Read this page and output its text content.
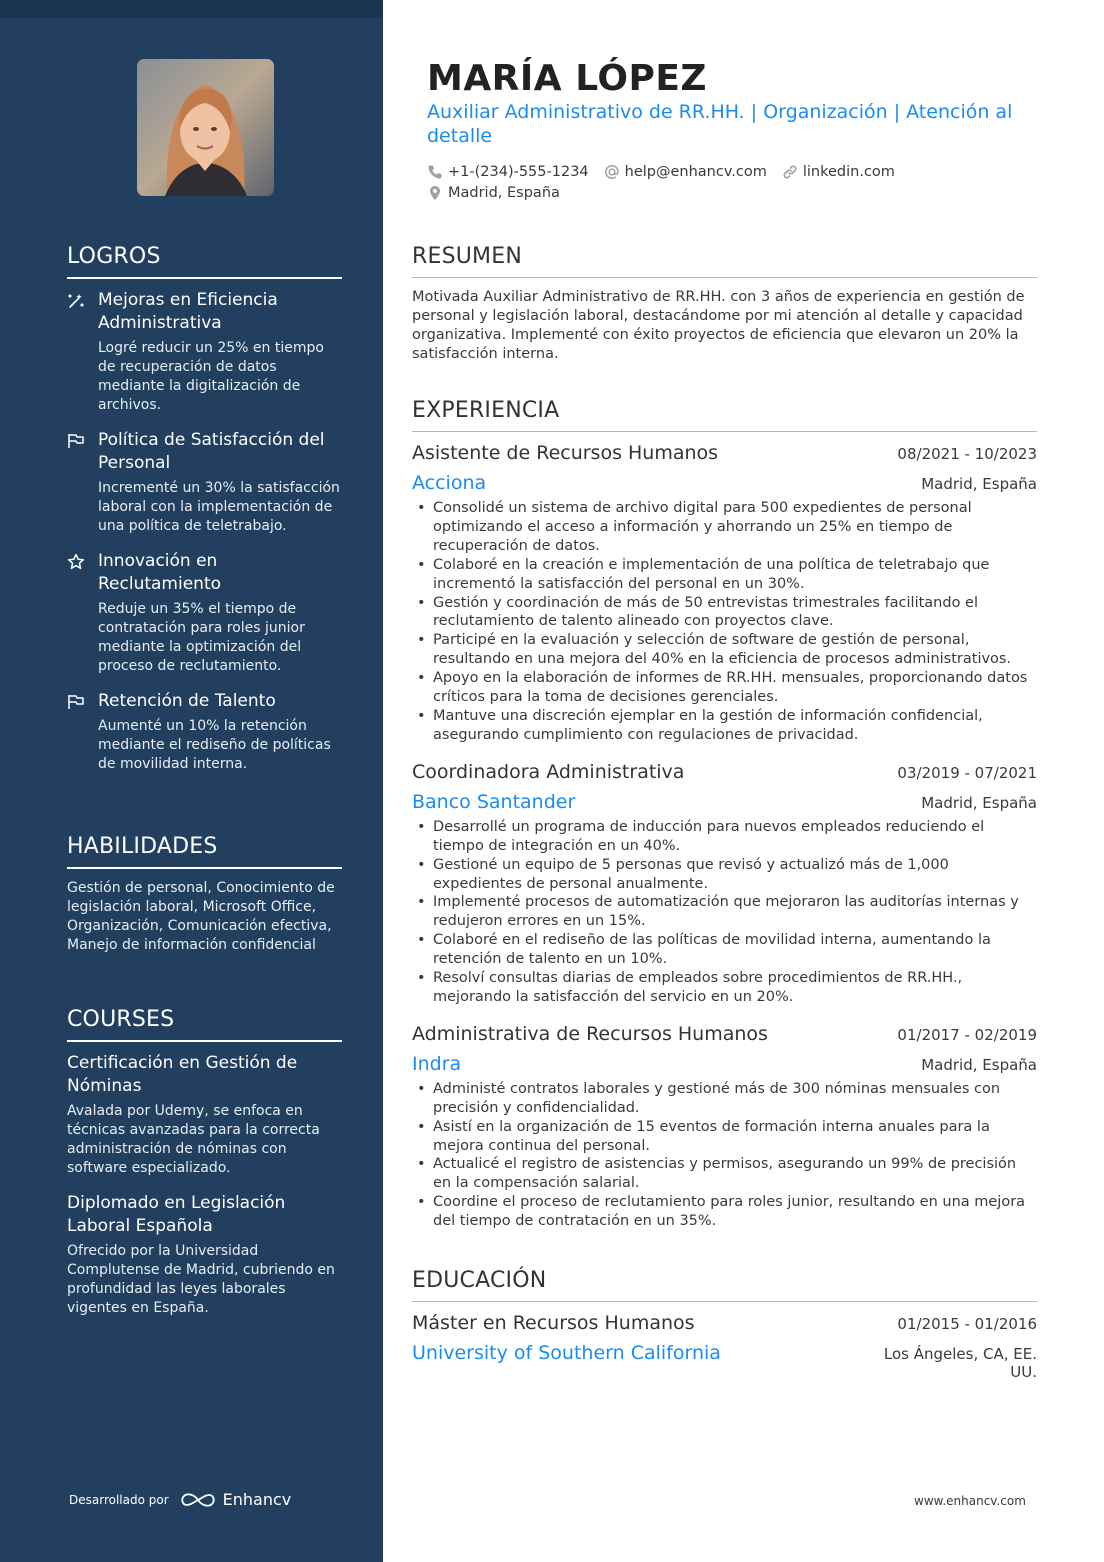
LOGROS
Mejoras en Eficiencia Administrativa
Logré reducir un 25% en tiempo de recuperación de datos mediante la digitalización de archivos.
Política de Satisfacción del Personal
Incrementé un 30% la satisfacción laboral con la implementación de una política de teletrabajo.
Innovación en Reclutamiento
Reduje un 35% el tiempo de contratación para roles junior mediante la optimización del proceso de reclutamiento.
Retención de Talento
Aumenté un 10% la retención mediante el rediseño de políticas de movilidad interna.
HABILIDADES
Gestión de personal, Conocimiento de legislación laboral, Microsoft Office, Organización, Comunicación efectiva, Manejo de información confidencial
COURSES
Certificación en Gestión de Nóminas
Avalada por Udemy, se enfoca en técnicas avanzadas para la correcta administración de nóminas con software especializado.
Diplomado en Legislación Laboral Española
Ofrecido por la Universidad Complutense de Madrid, cubriendo en profundidad las leyes laborales vigentes en España.
Desarrollado por	Enhancv
MARÍA LÓPEZ
Auxiliar Administrativo de RR.HH. | Organización | Atención al detalle
+1-(234)-555-1234 help@enhancv.com linkedin.com
Madrid, España
RESUMEN
Motivada Auxiliar Administrativo de RR.HH. con 3 años de experiencia en gestión de personal y legislación laboral, destacándome por mi atención al detalle y capacidad organizativa. Implementé con éxito proyectos de eficiencia que elevaron un 20% la satisfacción interna.
EXPERIENCIA
Asistente de Recursos Humanos	08/2021 - 10/2023
Acciona	Madrid, España
• Consolidé un sistema de archivo digital para 500 expedientes de personal optimizando el acceso a información y ahorrando un 25% en tiempo de recuperación de datos.
• Colaboré en la creación e implementación de una política de teletrabajo que incrementó la satisfacción del personal en un 30%.
• Gestión y coordinación de más de 50 entrevistas trimestrales facilitando el reclutamiento de talento alineado con proyectos clave.
• Participé en la evaluación y selección de software de gestión de personal, resultando en una mejora del 40% en la eficiencia de procesos administrativos.
• Apoyo en la elaboración de informes de RR.HH. mensuales, proporcionando datos críticos para la toma de decisiones gerenciales.
• Mantuve una discreción ejemplar en la gestión de información confidencial, asegurando cumplimiento con regulaciones de privacidad.
Coordinadora Administrativa	03/2019 - 07/2021
Banco Santander	Madrid, España
• Desarrollé un programa de inducción para nuevos empleados reduciendo el tiempo de integración en un 40%.
• Gestioné un equipo de 5 personas que revisó y actualizó más de 1,000 expedientes de personal anualmente.
• Implementé procesos de automatización que mejoraron las auditorías internas y redujeron errores en un 15%.
• Colaboré en el rediseño de las políticas de movilidad interna, aumentando la retención de talento en un 10%.
• Resolví consultas diarias de empleados sobre procedimientos de RR.HH., mejorando la satisfacción del servicio en un 20%.
Administrativa de Recursos Humanos	01/2017 - 02/2019
Indra	Madrid, España
• Administé contratos laborales y gestioné más de 300 nóminas mensuales con precisión y confidencialidad.
• Asistí en la organización de 15 eventos de formación interna anuales para la mejora continua del personal.
• Actualicé el registro de asistencias y permisos, asegurando un 99% de precisión en la compensación salarial.
• Coordine el proceso de reclutamiento para roles junior, resultando en una mejora del tiempo de contratación en un 35%.
EDUCACIÓN
Máster en Recursos Humanos	01/2015 - 01/2016
University of Southern California	Los Ángeles, CA, EE. UU.
www.enhancv.com
